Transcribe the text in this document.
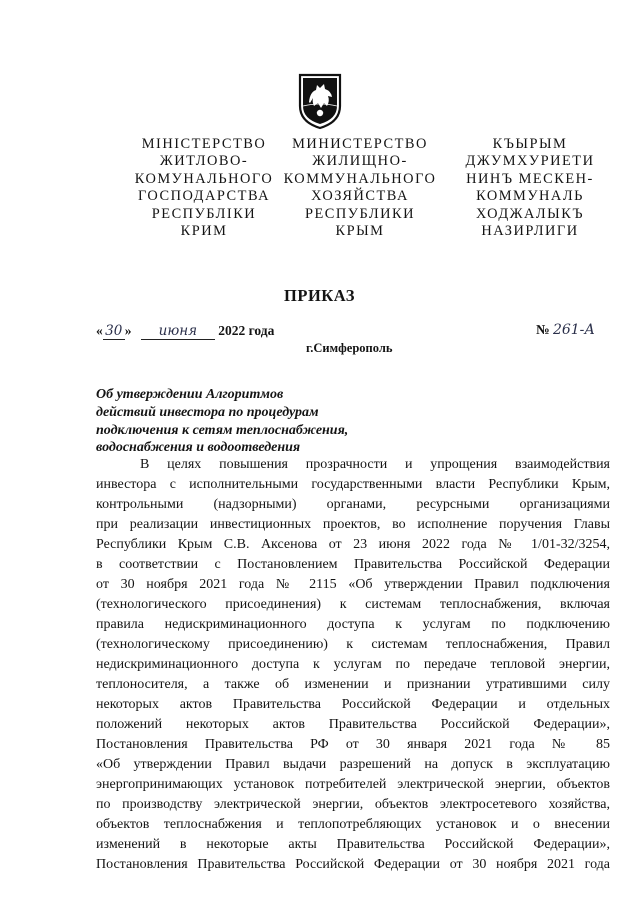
МІНІСТЕРСТВО
ЖИТЛОВО-
КОМУНАЛЬНОГО
ГОСПОДАРСТВА
РЕСПУБЛІКИ
КРИМ
МИНИСТЕРСТВО
ЖИЛИЩНО-
КОММУНАЛЬНОГО
ХОЗЯЙСТВА
РЕСПУБЛИКИ
КРЫМ
КЪЫРЫМ
ДЖУМХУРИЕТИ
НИНЪ МЕСКЕН-
КОММУНАЛЬ
ХОДЖАЛЫКЪ
НАЗИРЛИГИ
ПРИКАЗ
« 30 » июня 2022 года	№ 261-А
г.Симферополь
Об утверждении Алгоритмов
действий инвестора по процедурам
подключения к сетям теплоснабжения,
водоснабжения и водоотведения
В целях повышения прозрачности и упрощения взаимодействия
инвестора с исполнительными государственными власти Республики Крым,
контрольными (надзорными) органами, ресурсными организациями
при реализации инвестиционных проектов, во исполнение поручения Главы
Республики Крым С.В. Аксенова от 23 июня 2022 года № 1/01-32/3254,
в соответствии с Постановлением Правительства Российской Федерации
от 30 ноября 2021 года № 2115 «Об утверждении Правил подключения
(технологического присоединения) к системам теплоснабжения, включая
правила недискриминационного доступа к услугам по подключению
(технологическому присоединению) к системам теплоснабжения, Правил
недискриминационного доступа к услугам по передаче тепловой энергии,
теплоносителя, а также об изменении и признании утратившими силу
некоторых актов Правительства Российской Федерации и отдельных
положений некоторых актов Правительства Российской Федерации»,
Постановления Правительства РФ от 30 января 2021 года № 85
«Об утверждении Правил выдачи разрешений на допуск в эксплуатацию
энергопринимающих установок потребителей электрической энергии, объектов
по производству электрической энергии, объектов электросетевого хозяйства,
объектов теплоснабжения и теплопотребляющих установок и о внесении
изменений в некоторые акты Правительства Российской Федерации»,
Постановления Правительства Российской Федерации от 30 ноября 2021 года
